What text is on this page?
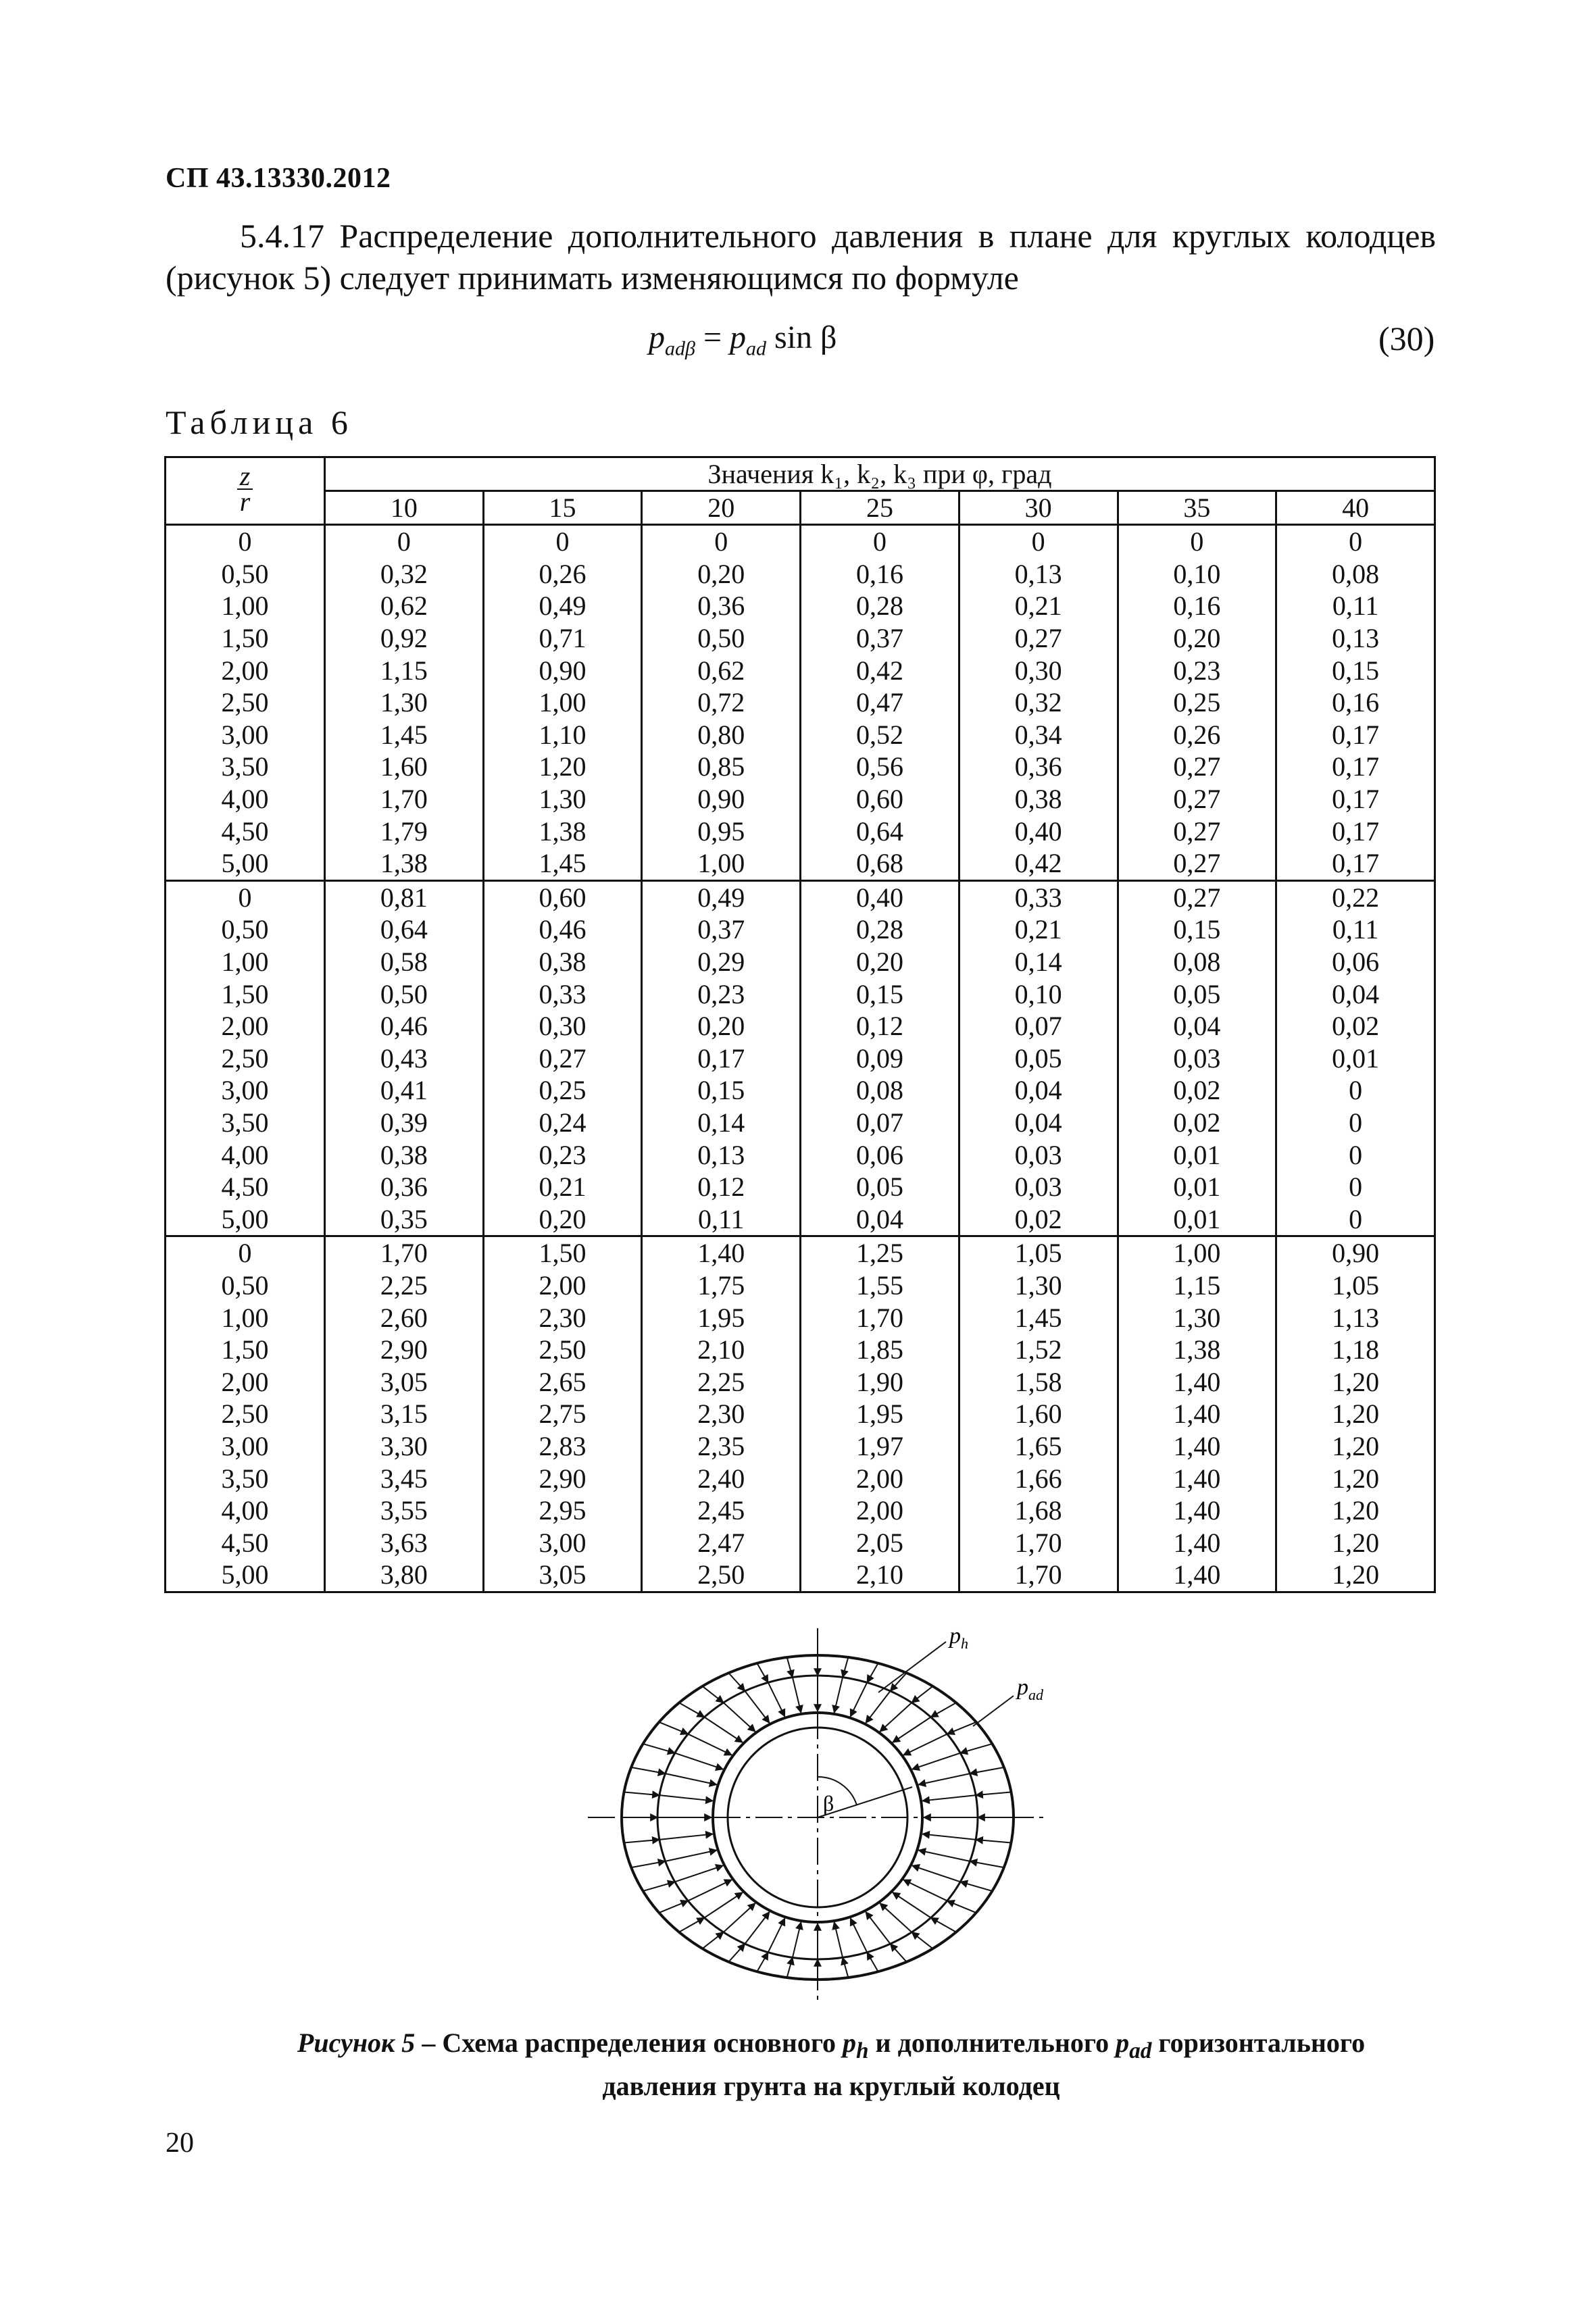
СП 43.13330.2012
5.4.17 Распределение дополнительного давления в плане для круглых колодцев
(рисунок 5) следует принимать изменяющимся по формуле
$p_{ad\beta} = p_{ad}$ sin β	(30)
Таблица 6
$\frac{z}{r}$	Значения k₁, k₂, k₃ при φ, град						
	10	15	20	25	30	35	40
0	0	0	0	0	0	0	0
0,50	0,32	0,26	0,20	0,16	0,13	0,10	0,08
1,00	0,62	0,49	0,36	0,28	0,21	0,16	0,11
1,50	0,92	0,71	0,50	0,37	0,27	0,20	0,13
2,00	1,15	0,90	0,62	0,42	0,30	0,23	0,15
2,50	1,30	1,00	0,72	0,47	0,32	0,25	0,16
3,00	1,45	1,10	0,80	0,52	0,34	0,26	0,17
3,50	1,60	1,20	0,85	0,56	0,36	0,27	0,17
4,00	1,70	1,30	0,90	0,60	0,38	0,27	0,17
4,50	1,79	1,38	0,95	0,64	0,40	0,27	0,17
5,00	1,38	1,45	1,00	0,68	0,42	0,27	0,17
0	0,81	0,60	0,49	0,40	0,33	0,27	0,22
0,50	0,64	0,46	0,37	0,28	0,21	0,15	0,11
1,00	0,58	0,38	0,29	0,20	0,14	0,08	0,06
1,50	0,50	0,33	0,23	0,15	0,10	0,05	0,04
2,00	0,46	0,30	0,20	0,12	0,07	0,04	0,02
2,50	0,43	0,27	0,17	0,09	0,05	0,03	0,01
3,00	0,41	0,25	0,15	0,08	0,04	0,02	0
3,50	0,39	0,24	0,14	0,07	0,04	0,02	0
4,00	0,38	0,23	0,13	0,06	0,03	0,01	0
4,50	0,36	0,21	0,12	0,05	0,03	0,01	0
5,00	0,35	0,20	0,11	0,04	0,02	0,01	0
0	1,70	1,50	1,40	1,25	1,05	1,00	0,90
0,50	2,25	2,00	1,75	1,55	1,30	1,15	1,05
1,00	2,60	2,30	1,95	1,70	1,45	1,30	1,13
1,50	2,90	2,50	2,10	1,85	1,52	1,38	1,18
2,00	3,05	2,65	2,25	1,90	1,58	1,40	1,20
2,50	3,15	2,75	2,30	1,95	1,60	1,40	1,20
3,00	3,30	2,83	2,35	1,97	1,65	1,40	1,20
3,50	3,45	2,90	2,40	2,00	1,66	1,40	1,20
4,00	3,55	2,95	2,45	2,00	1,68	1,40	1,20
4,50	3,63	3,00	2,47	2,05	1,70	1,40	1,20
5,00	3,80	3,05	2,50	2,10	1,70	1,40	1,20
$p_h$
$p_{ad}$
β
Рисунок 5 – Схема распределения основного $p_h$ и дополнительного $p_{ad}$ горизонтального
давления грунта на круглый колодец
20
